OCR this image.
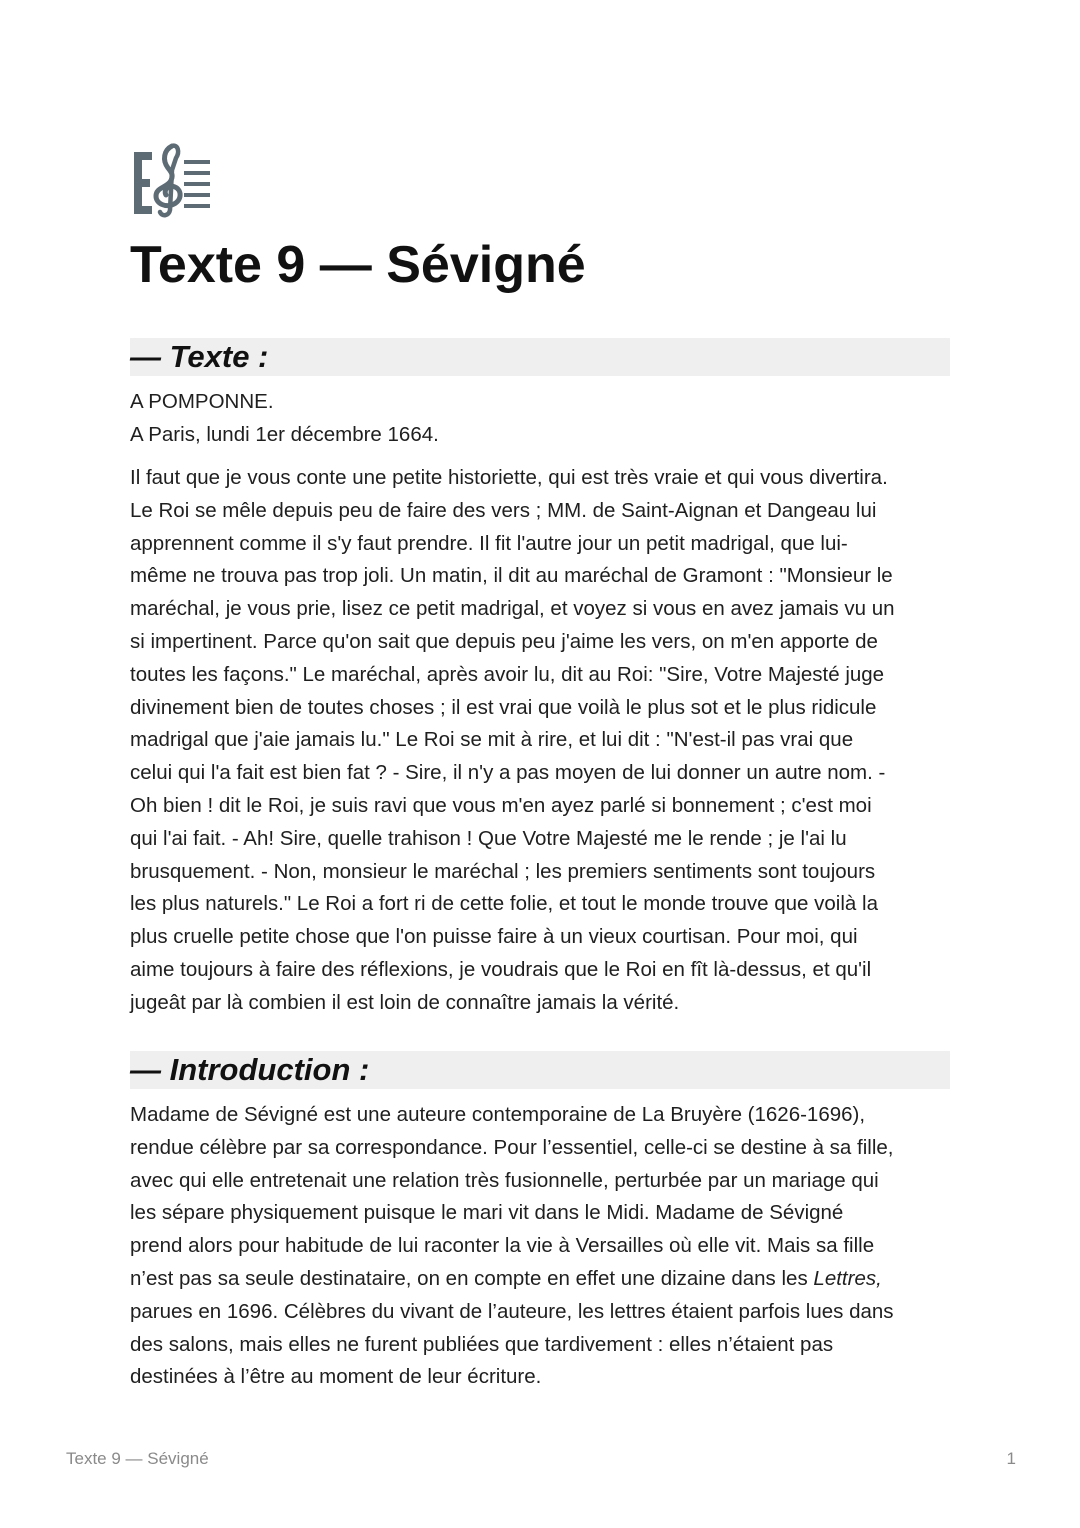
Texte 9 — Sévigné
— Texte :

A POMPONNE.
A Paris, lundi 1er décembre 1664.

Il faut que je vous conte une petite historiette, qui est très vraie et qui vous divertira.
Le Roi se mêle depuis peu de faire des vers ; MM. de Saint-Aignan et Dangeau lui
apprennent comme il s'y faut prendre. Il fit l'autre jour un petit madrigal, que lui-
même ne trouva pas trop joli. Un matin, il dit au maréchal de Gramont : "Monsieur le
maréchal, je vous prie, lisez ce petit madrigal, et voyez si vous en avez jamais vu un
si impertinent. Parce qu'on sait que depuis peu j'aime les vers, on m'en apporte de
toutes les façons." Le maréchal, après avoir lu, dit au Roi: "Sire, Votre Majesté juge
divinement bien de toutes choses ; il est vrai que voilà le plus sot et le plus ridicule
madrigal que j'aie jamais lu." Le Roi se mit à rire, et lui dit : "N'est-il pas vrai que
celui qui l'a fait est bien fat ? - Sire, il n'y a pas moyen de lui donner un autre nom. -
Oh bien ! dit le Roi, je suis ravi que vous m'en ayez parlé si bonnement ; c'est moi
qui l'ai fait. - Ah! Sire, quelle trahison ! Que Votre Majesté me le rende ; je l'ai lu
brusquement. - Non, monsieur le maréchal ; les premiers sentiments sont toujours
les plus naturels." Le Roi a fort ri de cette folie, et tout le monde trouve que voilà la
plus cruelle petite chose que l'on puisse faire à un vieux courtisan. Pour moi, qui
aime toujours à faire des réflexions, je voudrais que le Roi en fît là-dessus, et qu'il
jugeât par là combien il est loin de connaître jamais la vérité.

— Introduction :

Madame de Sévigné est une auteure contemporaine de La Bruyère (1626-1696),
rendue célèbre par sa correspondance. Pour l’essentiel, celle-ci se destine à sa fille,
avec qui elle entretenait une relation très fusionnelle, perturbée par un mariage qui
les sépare physiquement puisque le mari vit dans le Midi. Madame de Sévigné
prend alors pour habitude de lui raconter la vie à Versailles où elle vit. Mais sa fille
n’est pas sa seule destinataire, on en compte en effet une dizaine dans les Lettres,
parues en 1696. Célèbres du vivant de l’auteure, les lettres étaient parfois lues dans
des salons, mais elles ne furent publiées que tardivement : elles n’étaient pas
destinées à l’être au moment de leur écriture.

Texte 9 — Sévigné	1
